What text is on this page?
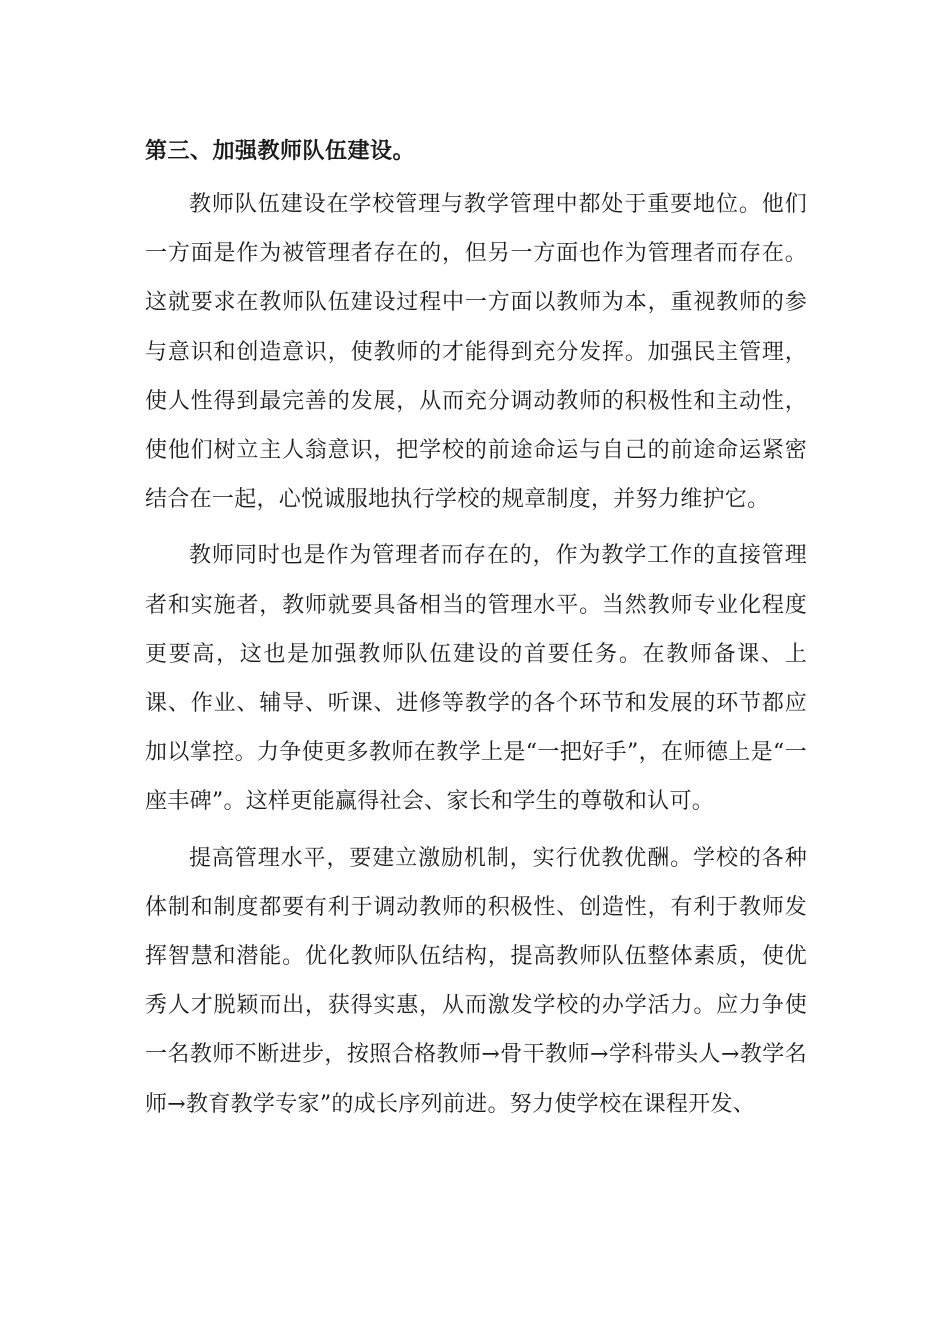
第三、加强教师队伍建设。

教师队伍建设在学校管理与教学管理中都处于重要地位。他们一方面是作为被管理者存在的，但另一方面也作为管理者而存在。这就要求在教师队伍建设过程中一方面以教师为本，重视教师的参与意识和创造意识，使教师的才能得到充分发挥。加强民主管理，使人性得到最完善的发展，从而充分调动教师的积极性和主动性，使他们树立主人翁意识，把学校的前途命运与自己的前途命运紧密结合在一起，心悦诚服地执行学校的规章制度，并努力维护它。

教师同时也是作为管理者而存在的，作为教学工作的直接管理者和实施者，教师就要具备相当的管理水平。当然教师专业化程度更要高，这也是加强教师队伍建设的首要任务。在教师备课、上课、作业、辅导、听课、进修等教学的各个环节和发展的环节都应加以掌控。力争使更多教师在教学上是“一把好手”，在师德上是“一座丰碑”。这样更能赢得社会、家长和学生的尊敬和认可。

提高管理水平，要建立激励机制，实行优教优酬。学校的各种体制和制度都要有利于调动教师的积极性、创造性，有利于教师发挥智慧和潜能。优化教师队伍结构，提高教师队伍整体素质，使优秀人才脱颖而出，获得实惠，从而激发学校的办学活力。应力争使一名教师不断进步，按照合格教师→骨干教师→学科带头人→教学名师→教育教学专家”的成长序列前进。努力使学校在课程开发、
